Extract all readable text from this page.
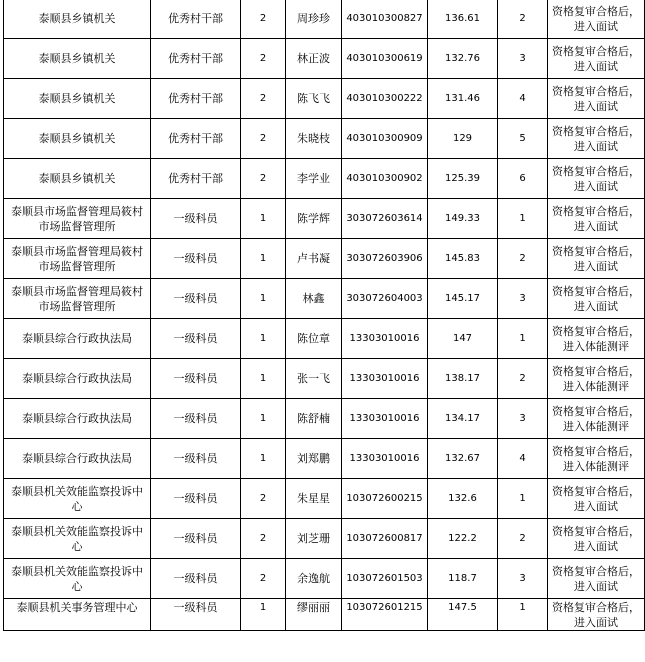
泰顺县乡镇机关	优秀村干部	2	周珍珍	403010300827	136.61	2	资格复审合格后，进入面试
泰顺县乡镇机关	优秀村干部	2	林正波	403010300619	132.76	3	资格复审合格后，进入面试
泰顺县乡镇机关	优秀村干部	2	陈飞飞	403010300222	131.46	4	资格复审合格后，进入面试
泰顺县乡镇机关	优秀村干部	2	朱晓枝	403010300909	129	5	资格复审合格后，进入面试
泰顺县乡镇机关	优秀村干部	2	李学业	403010300902	125.39	6	资格复审合格后，进入面试
泰顺县市场监督管理局筱村市场监督管理所	一级科员	1	陈学辉	303072603614	149.33	1	资格复审合格后，进入面试
泰顺县市场监督管理局筱村市场监督管理所	一级科员	1	卢书凝	303072603906	145.83	2	资格复审合格后，进入面试
泰顺县市场监督管理局筱村市场监督管理所	一级科员	1	林鑫	303072604003	145.17	3	资格复审合格后，进入面试
泰顺县综合行政执法局	一级科员	1	陈位章	13303010016	147	1	资格复审合格后，进入体能测评
泰顺县综合行政执法局	一级科员	1	张一飞	13303010016	138.17	2	资格复审合格后，进入体能测评
泰顺县综合行政执法局	一级科员	1	陈舒楠	13303010016	134.17	3	资格复审合格后，进入体能测评
泰顺县综合行政执法局	一级科员	1	刘郑鹏	13303010016	132.67	4	资格复审合格后，进入体能测评
泰顺县机关效能监察投诉中心	一级科员	2	朱星星	103072600215	132.6	1	资格复审合格后，进入面试
泰顺县机关效能监察投诉中心	一级科员	2	刘芝珊	103072600817	122.2	2	资格复审合格后，进入面试
泰顺县机关效能监察投诉中心	一级科员	2	余逸航	103072601503	118.7	3	资格复审合格后，进入面试
泰顺县机关事务管理中心	一级科员	1	缪丽丽	103072601215	147.5	1	资格复审合格后，进入面试
